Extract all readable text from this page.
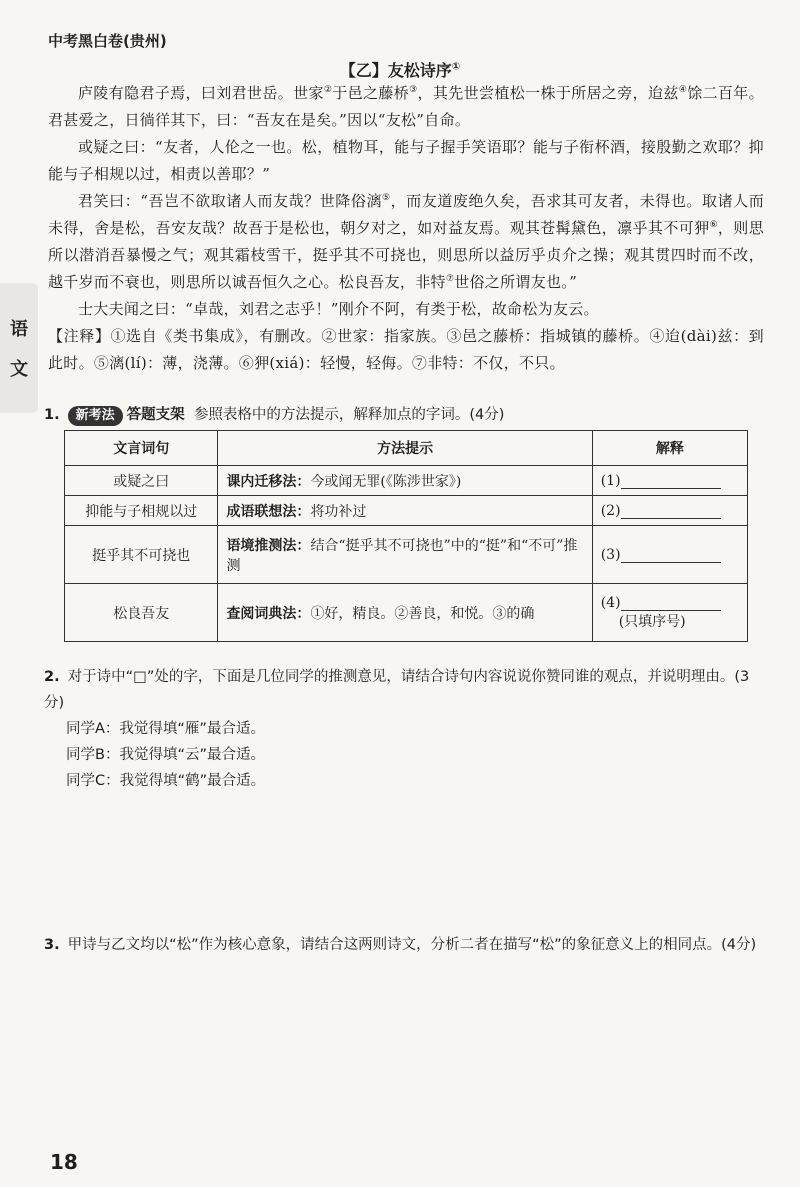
中考黑白卷(贵州)
语
文
【乙】友松诗序①

庐陵有隐君子焉，曰刘君世岳。世家②于邑之藤桥③，其先世尝植松一株于所居之旁，迨兹④馀二百年。君甚爱之，日徜徉其下，曰：“吾友在是矣。”因以“友松”自命。

或疑之曰：“友者，人伦之一也。松，植物耳，能与子握手笑语耶？能与子衔杯酒，接殷勤之欢耶？抑能与子相规以过，相责以善耶？”

君笑曰：“吾岂不欲取诸人而友哉？世降俗漓⑤，而友道废绝久矣，吾求其可友者，未得也。取诸人而未得，舍是松，吾安友哉？故吾于是松也，朝夕对之，如对益友焉。观其苍髯黛色，凛乎其不可狎⑥，则思所以潜消吾暴慢之气；观其霜枝雪干，挺乎其不可挠也，则思所以益厉乎贞介之操；观其贯四时而不改，越千岁而不衰也，则思所以诚吾恒久之心。松良吾友，非特⑦世俗之所谓友也。”

士大夫闻之曰：“卓哉，刘君之志乎！”刚介不阿，有类于松，故命松为友云。

【注释】①选自《类书集成》，有删改。②世家：指家族。③邑之藤桥：指城镇的藤桥。④迨(dài)兹：到此时。⑤漓(lí)：薄，浇薄。⑥狎(xiá)：轻慢，轻侮。⑦非特：不仅，不只。

1. 新考法 答题支架 参照表格中的方法提示，解释加点的字词。(4分)
文言词句	方法提示	解释
或疑之曰	课内迁移法：今或闻无罪(《陈涉世家》)	(1)
抑能与子相规以过	成语联想法：将功补过	(2)
挺乎其不可挠也	语境推测法：结合“挺乎其不可挠也”中的“挺”和“不可”推测	(3)
松良吾友	查阅词典法：①好，精良。②善良，和悦。③的确	(4)
(只填序号)
2. 对于诗中“□”处的字，下面是几位同学的推测意见，请结合诗句内容说说你赞同谁的观点，并说明理由。(3分)
同学A：我觉得填“雁”最合适。
同学B：我觉得填“云”最合适。
同学C：我觉得填“鹤”最合适。
3. 甲诗与乙文均以“松”作为核心意象，请结合这两则诗文，分析二者在描写“松”的象征意义上的相同点。(4分)
18
